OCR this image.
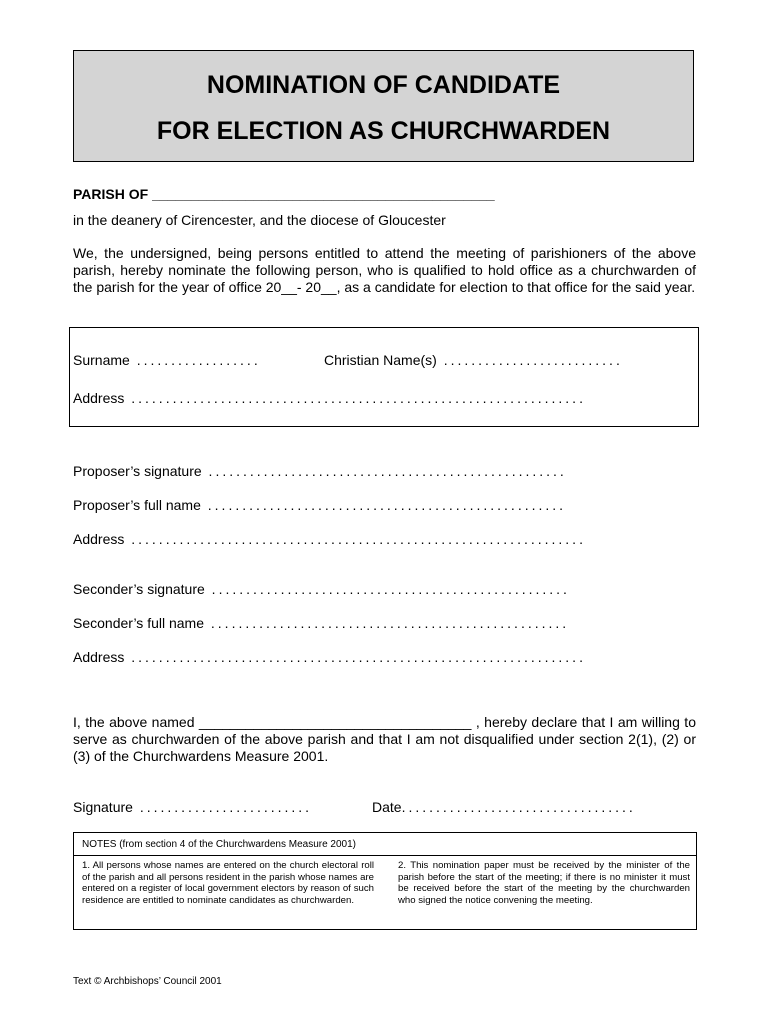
NOMINATION OF CANDIDATE
FOR ELECTION AS CHURCHWARDEN
PARISH OF ____________________________________________
in the deanery of Cirencester, and the diocese of Gloucester
We, the undersigned, being persons entitled to attend the meeting of parishioners of the above parish, hereby nominate the following person, who is qualified to hold office as a churchwarden of the parish for the year of office 20__- 20__, as a candidate for election to that office for the said year.
Surname ..................	Christian Name(s) ..........................
Address ..................................................................
Proposer’s signature ....................................................
Proposer’s full name ....................................................
Address ..................................................................
Seconder’s signature ....................................................
Seconder’s full name ....................................................
Address ..................................................................
I, the above named ___________________________________ , hereby declare that I am willing to serve as churchwarden of the above parish and that I am not disqualified under section 2(1), (2) or (3) of the Churchwardens Measure 2001.
Signature .........................	Date..................................
NOTES (from section 4 of the Churchwardens Measure 2001)
1. All persons whose names are entered on the church electoral roll of the parish and all persons resident in the parish whose names are entered on a register of local government electors by reason of such residence are entitled to nominate candidates as churchwarden.
2. This nomination paper must be received by the minister of the parish before the start of the meeting; if there is no minister it must be received before the start of the meeting by the churchwarden who signed the notice convening the meeting.
Text © Archbishops’ Council 2001
